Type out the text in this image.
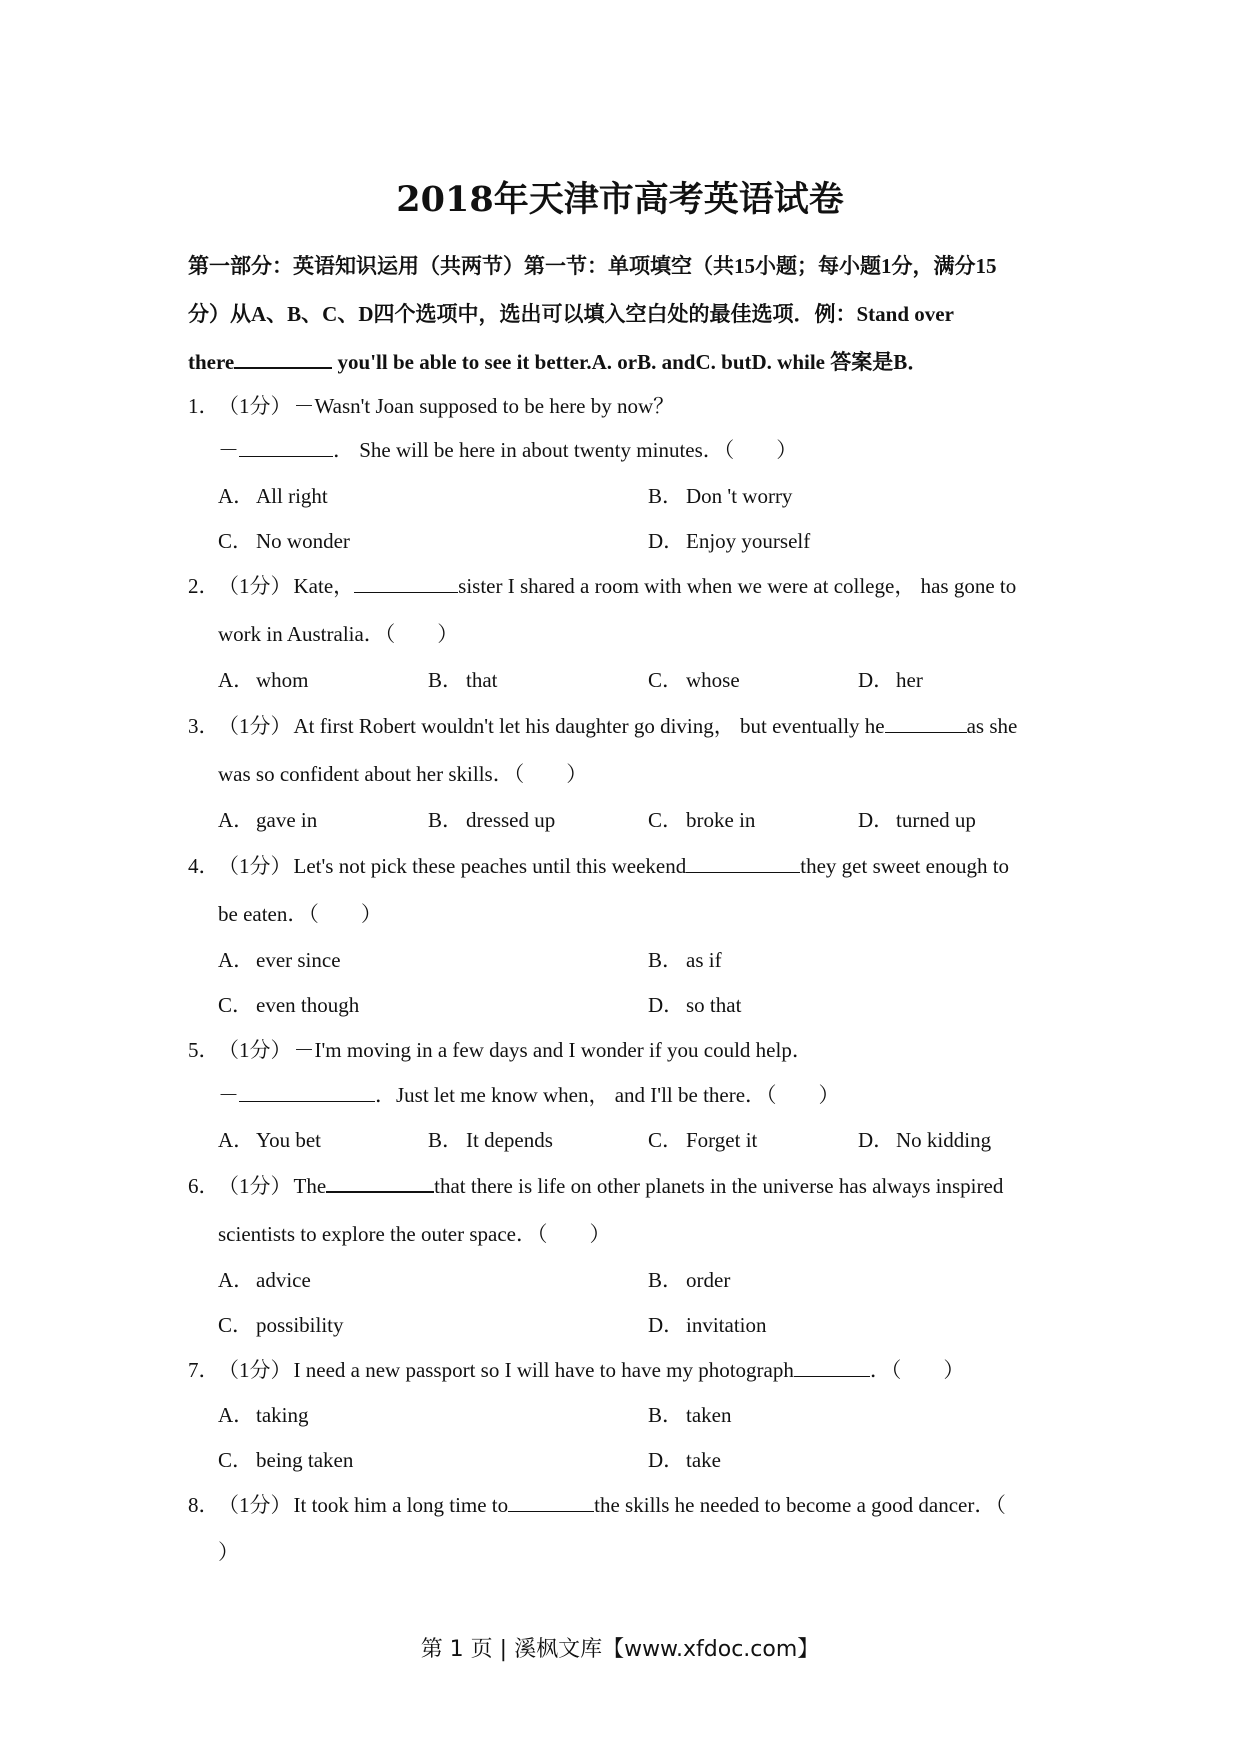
2018年天津市高考英语试卷
第一部分：英语知识运用（共两节）第一节：单项填空（共15小题；每小题1分，满分15
分）从A、B、C、D四个选项中，选出可以填入空白处的最佳选项．例：Stand over
there	you'll be able to see it better.A. orB. andC. butD. while 答案是B．
1．（1分）－Wasn't Joan supposed to be here by now？
－	． She will be here in about twenty minutes．（　　）
A．All right	B． Don 't worry
C． No wonder	D．Enjoy yourself
2．（1分）Kate，	sister I shared a room with when we were at college， has gone to
work in Australia．（　　）
A．whom	B． that	C． whose	D．her
3．（1分）At first Robert wouldn't let his daughter go diving， but eventually he	as she
was so confident about her skills．（　　）
A．gave in	B． dressed up	C． broke in	D．turned up
4．（1分）Let's not pick these peaches until this weekend	they get sweet enough to
be eaten．（　　）
A．ever since	B． as if
C． even though	D．so that
5．（1分）－I'm moving in a few days and I wonder if you could help．
－	．Just let me know when， and I'll be there．（　　）
A．You bet	B． It depends	C． Forget it	D．No kidding
6．（1分）The	that there is life on other planets in the universe has always inspired
scientists to explore the outer space．（　　）
A．advice	B． order
C． possibility	D．invitation
7．（1分）I need a new passport so I will have to have my photograph	．（　　）
A．taking	B． taken
C． being taken	D．take
8．（1分）It took him a long time to	the skills he needed to become a good dancer．（
）
第 1 页 | 溪枫文库【www.xfdoc.com】
